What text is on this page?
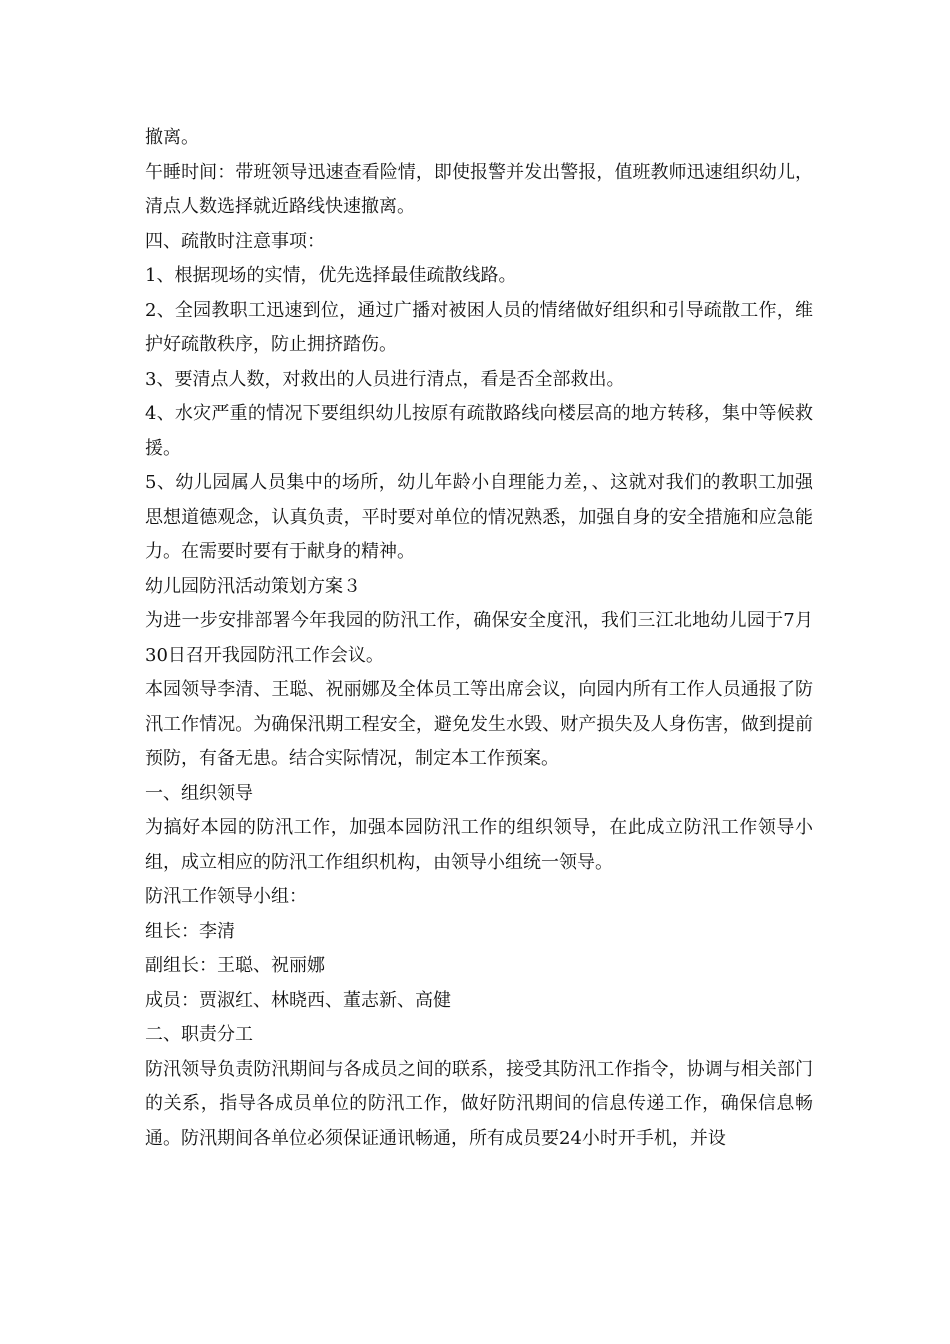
撤离。

午睡时间：带班领导迅速查看险情，即使报警并发出警报，值班教师迅速组织幼儿，清点人数选择就近路线快速撤离。

四、疏散时注意事项：

1、根据现场的实情，优先选择最佳疏散线路。

2、全园教职工迅速到位，通过广播对被困人员的情绪做好组织和引导疏散工作，维护好疏散秩序，防止拥挤踏伤。

3、要清点人数，对救出的人员进行清点，看是否全部救出。

4、水灾严重的情况下要组织幼儿按原有疏散路线向楼层高的地方转移，集中等候救援。

5、幼儿园属人员集中的场所，幼儿年龄小自理能力差，、这就对我们的教职工加强思想道德观念，认真负责，平时要对单位的情况熟悉，加强自身的安全措施和应急能力。在需要时要有于献身的精神。

幼儿园防汛活动策划方案３

为进一步安排部署今年我园的防汛工作，确保安全度汛，我们三江北地幼儿园于7月30日召开我园防汛工作会议。

本园领导李清、王聪、祝丽娜及全体员工等出席会议，向园内所有工作人员通报了防汛工作情况。为确保汛期工程安全，避免发生水毁、财产损失及人身伤害，做到提前预防，有备无患。结合实际情况，制定本工作预案。

一、组织领导

为搞好本园的防汛工作，加强本园防汛工作的组织领导，在此成立防汛工作领导小组，成立相应的防汛工作组织机构，由领导小组统一领导。

防汛工作领导小组：

组长：李清

副组长：王聪、祝丽娜

成员：贾淑红、林晓西、董志新、高健

二、职责分工

防汛领导负责防汛期间与各成员之间的联系，接受其防汛工作指令，协调与相关部门的关系，指导各成员单位的防汛工作，做好防汛期间的信息传递工作，确保信息畅通。防汛期间各单位必须保证通讯畅通，所有成员要24小时开手机，并设
